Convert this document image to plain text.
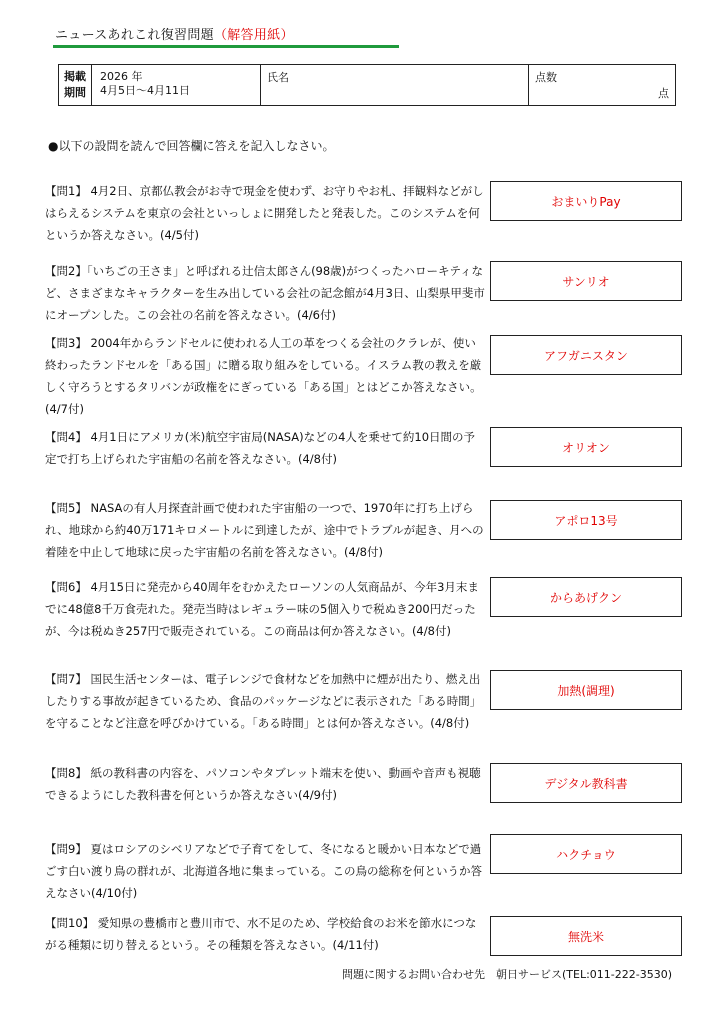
ニュースあれこれ復習問題（解答用紙）
掲載
期間
2026 年
4月5日～4月11日
氏名	点数
点
●以下の設問を読んで回答欄に答えを記入しなさい。
【問1】 4月2日、京都仏教会がお寺で現金を使わず、お守りやお札、拝観料などがしはらえるシステムを東京の会社といっしょに開発したと発表した。このシステムを何というか答えなさい。(4/5付)
おまいりPay
【問2】「いちごの王さま」と呼ばれる辻信太郎さん(98歳)がつくったハローキティなど、さまざまなキャラクターを生み出している会社の記念館が4月3日、山梨県甲斐市にオープンした。この会社の名前を答えなさい。(4/6付)
サンリオ
【問3】 2004年からランドセルに使われる人工の革をつくる会社のクラレが、使い終わったランドセルを「ある国」に贈る取り組みをしている。イスラム教の教えを厳しく守ろうとするタリバンが政権をにぎっている「ある国」とはどこか答えなさい。(4/7付)
アフガニスタン
【問4】 4月1日にアメリカ(米)航空宇宙局(NASA)などの4人を乗せて約10日間の予定で打ち上げられた宇宙船の名前を答えなさい。(4/8付)
オリオン
【問5】 NASAの有人月探査計画で使われた宇宙船の一つで、1970年に打ち上げられ、地球から約40万171キロメートルに到達したが、途中でトラブルが起き、月への着陸を中止して地球に戻った宇宙船の名前を答えなさい。(4/8付)
アポロ13号
【問6】 4月15日に発売から40周年をむかえたローソンの人気商品が、今年3月末までに48億8千万食売れた。発売当時はレギュラー味の5個入りで税ぬき200円だったが、今は税ぬき257円で販売されている。この商品は何か答えなさい。(4/8付)
からあげクン
【問7】 国民生活センターは、電子レンジで食材などを加熱中に煙が出たり、燃え出したりする事故が起きているため、食品のパッケージなどに表示された「ある時間」を守ることなど注意を呼びかけている。「ある時間」とは何か答えなさい。(4/8付)
加熱(調理)
【問8】 紙の教科書の内容を、パソコンやタブレット端末を使い、動画や音声も視聴できるようにした教科書を何というか答えなさい(4/9付)
デジタル教科書
【問9】 夏はロシアのシベリアなどで子育てをして、冬になると暖かい日本などで過ごす白い渡り鳥の群れが、北海道各地に集まっている。この鳥の総称を何というか答えなさい(4/10付)
ハクチョウ
【問10】 愛知県の豊橋市と豊川市で、水不足のため、学校給食のお米を節水につながる種類に切り替えるという。その種類を答えなさい。(4/11付)
無洗米
問題に関するお問い合わせ先　朝日サービス(TEL:011-222-3530)
